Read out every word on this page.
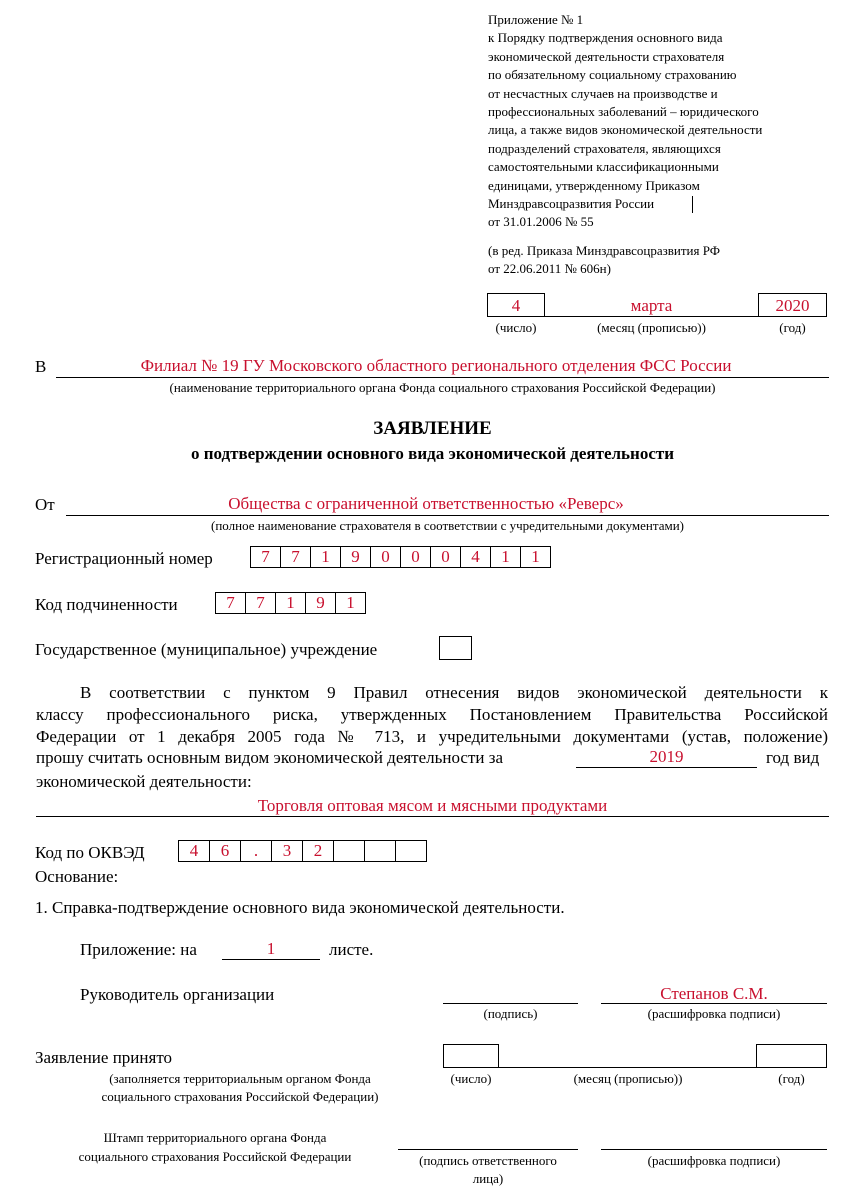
Приложение № 1
к Порядку подтверждения основного вида
экономической деятельности страхователя
по обязательному социальному страхованию
от несчастных случаев на производстве и
профессиональных заболеваний – юридического
лица, а также видов экономической деятельности
подразделений страхователя, являющихся
самостоятельными классификационными
единицами, утвержденному Приказом
Минздравсоцразвития России
от 31.01.2006 № 55
(в ред. Приказа Минздравсоцразвития РФ
от 22.06.2011 № 606н)
4	марта	2020
(число)	(месяц (прописью))	(год)
В	Филиал № 19 ГУ Московского областного регионального отделения ФСС России
(наименование территориального органа Фонда социального страхования Российской Федерации)
ЗАЯВЛЕНИЕ
о подтверждении основного вида экономической деятельности
От	Общества с ограниченной ответственностью «Реверс»
(полное наименование страхователя в соответствии с учредительными документами)
Регистрационный номер	7	7	1	9	0	0	0	4	1	1
Код подчиненности	7	7	1	9	1
Государственное (муниципальное) учреждение
В соответствии с пунктом 9 Правил отнесения видов экономической деятельности к
классу профессионального риска, утвержденных Постановлением Правительства Российской
Федерации от 1 декабря 2005 года № 713, и учредительными документами (устав, положение)
прошу считать основным видом экономической деятельности за	2019	год вид
экономической деятельности:
Торговля оптовая мясом и мясными продуктами
Код по ОКВЭД	4	6	.	3	2
Основание:
1. Справка-подтверждение основного вида экономической деятельности.
Приложение: на	1	листе.
Руководитель организации
(подпись)
Степанов С.М.
(расшифровка подписи)
Заявление принято
(заполняется территориальным органом Фонда
социального страхования Российской Федерации)
(число)	(месяц (прописью))	(год)
Штамп территориального органа Фонда
социального страхования Российской Федерации	(подпись ответственного
лица)
(расшифровка подписи)
